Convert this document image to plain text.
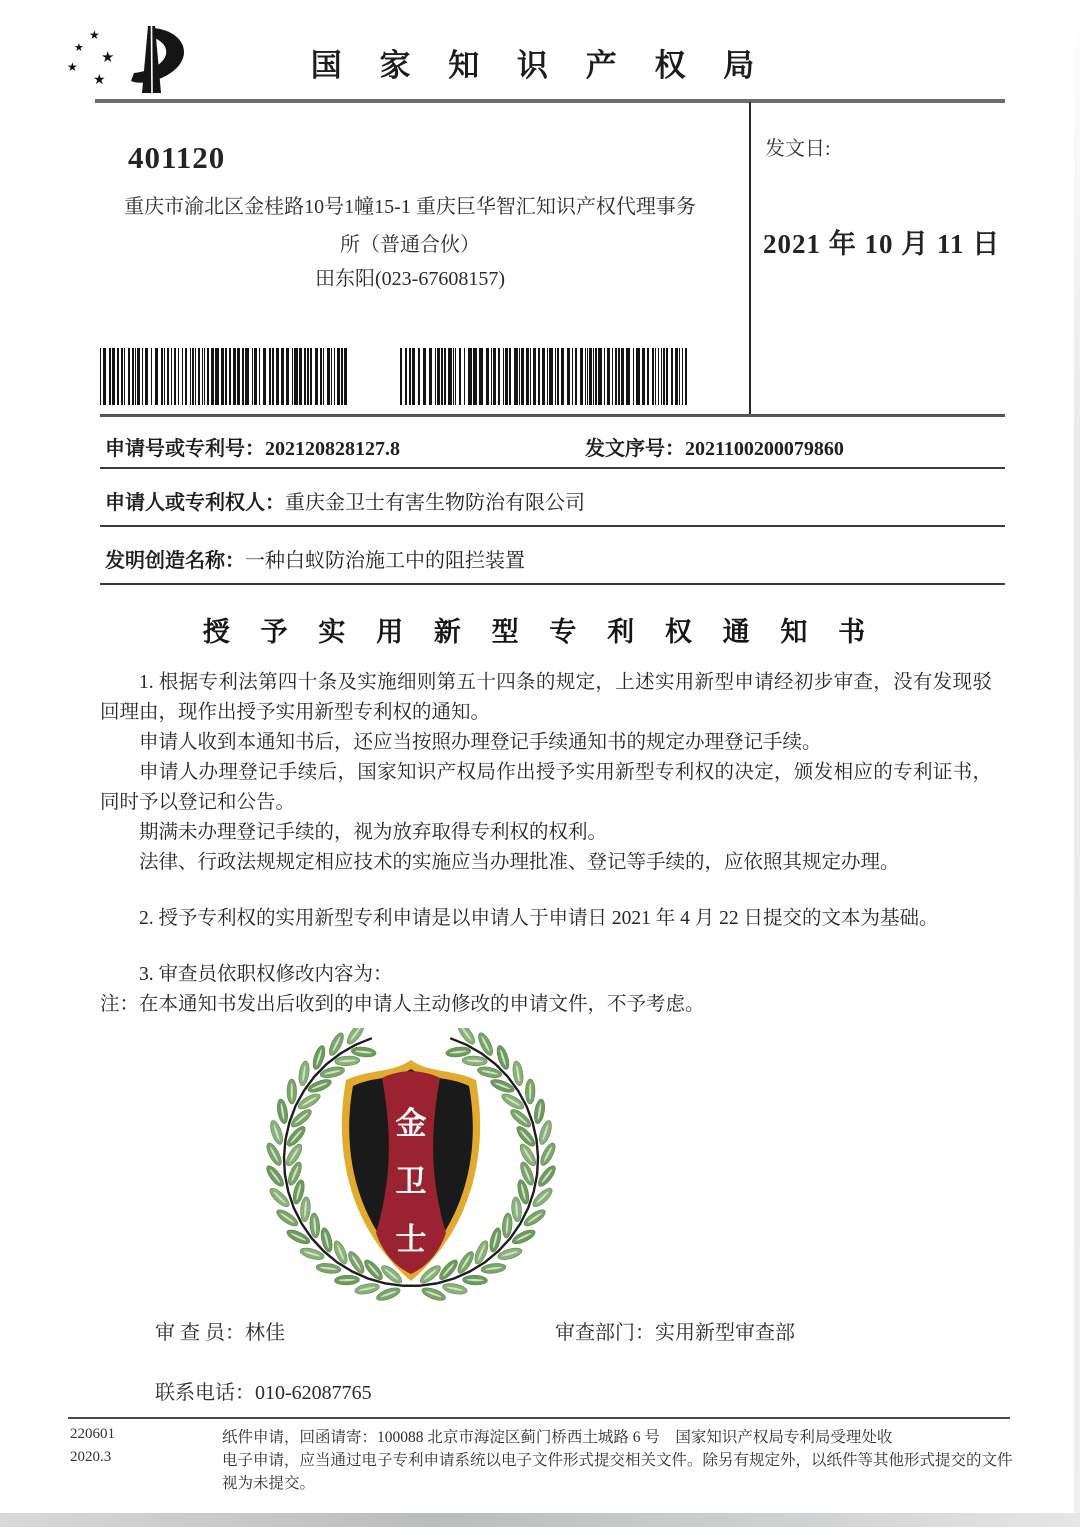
★
★
★
★
★	国 家 知 识 产 权 局
401120
重庆市渝北区金桂路10号1幢15-1 重庆巨华智汇知识产权代理事务
所（普通合伙）
田东阳(023-67608157)
发文日:
2021 年 10 月 11 日
申请号或专利号：202120828127.8	发文序号：2021100200079860
申请人或专利权人：重庆金卫士有害生物防治有限公司
发明创造名称：一种白蚁防治施工中的阻拦装置
授 予 实 用 新 型 专 利 权 通 知 书

1. 根据专利法第四十条及实施细则第五十四条的规定，上述实用新型申请经初步审查，没有发现驳回理由，现作出授予实用新型专利权的通知。

申请人收到本通知书后，还应当按照办理登记手续通知书的规定办理登记手续。

申请人办理登记手续后，国家知识产权局作出授予实用新型专利权的决定，颁发相应的专利证书，同时予以登记和公告。

期满未办理登记手续的，视为放弃取得专利权的权利。

法律、行政法规规定相应技术的实施应当办理批准、登记等手续的，应依照其规定办理。

2. 授予专利权的实用新型专利申请是以申请人于申请日 2021 年 4 月 22 日提交的文本为基础。

3. 审查员依职权修改内容为：

注：在本通知书发出后收到的申请人主动修改的申请文件，不予考虑。

金
卫
士
审 查 员：林佳	审查部门：实用新型审查部
联系电话：010-62087765
220601
2020.3

纸件申请，回函请寄：100088 北京市海淀区蓟门桥西土城路 6 号　国家知识产权局专利局受理处收

电子申请，应当通过电子专利申请系统以电子文件形式提交相关文件。除另有规定外，以纸件等其他形式提交的文件视为未提交。
